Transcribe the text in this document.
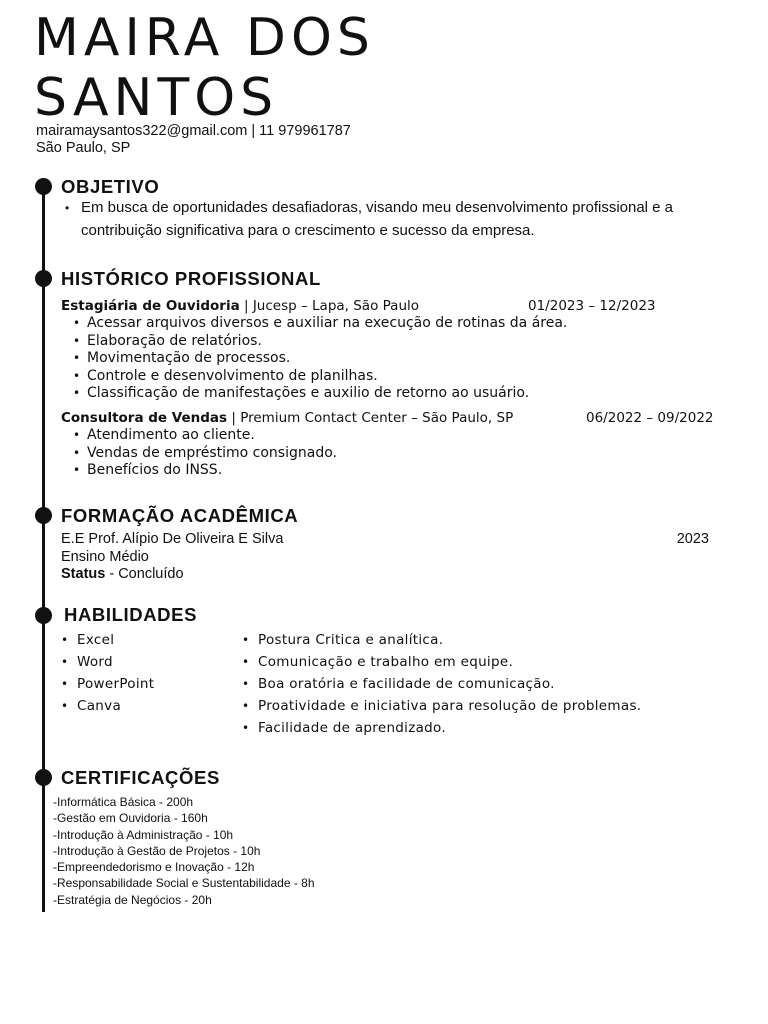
MAIRA DOS
SANTOS
mairamaysantos322@gmail.com | 11 979961787
São Paulo, SP
OBJETIVO
• Em busca de oportunidades desafiadoras, visando meu desenvolvimento profissional e a contribuição significativa para o crescimento e sucesso da empresa.
HISTÓRICO PROFISSIONAL
Estagiária de Ouvidoria | Jucesp – Lapa, São Paulo	01/2023 – 12/2023
• Acessar arquivos diversos e auxiliar na execução de rotinas da área.
• Elaboração de relatórios.
• Movimentação de processos.
• Controle e desenvolvimento de planilhas.
• Classificação de manifestações e auxilio de retorno ao usuário.
Consultora de Vendas | Premium Contact Center – São Paulo, SP	06/2022 – 09/2022
• Atendimento ao cliente.
• Vendas de empréstimo consignado.
• Benefícios do INSS.
FORMAÇÃO ACADÊMICA
E.E Prof. Alípio De Oliveira E Silva	2023
Ensino Médio
Status - Concluído
HABILIDADES
• Excel
• Word
• PowerPoint
• Canva
• Postura Critica e analítica.
• Comunicação e trabalho em equipe.
• Boa oratória e facilidade de comunicação.
• Proatividade e iniciativa para resolução de problemas.
• Facilidade de aprendizado.
CERTIFICAÇÕES
-Informática Básica - 200h
-Gestão em Ouvidoria - 160h
-Introdução à Administração - 10h
-Introdução à Gestão de Projetos - 10h
-Empreendedorismo e Inovação - 12h
-Responsabilidade Social e Sustentabilidade - 8h
-Estratégia de Negócios - 20h
